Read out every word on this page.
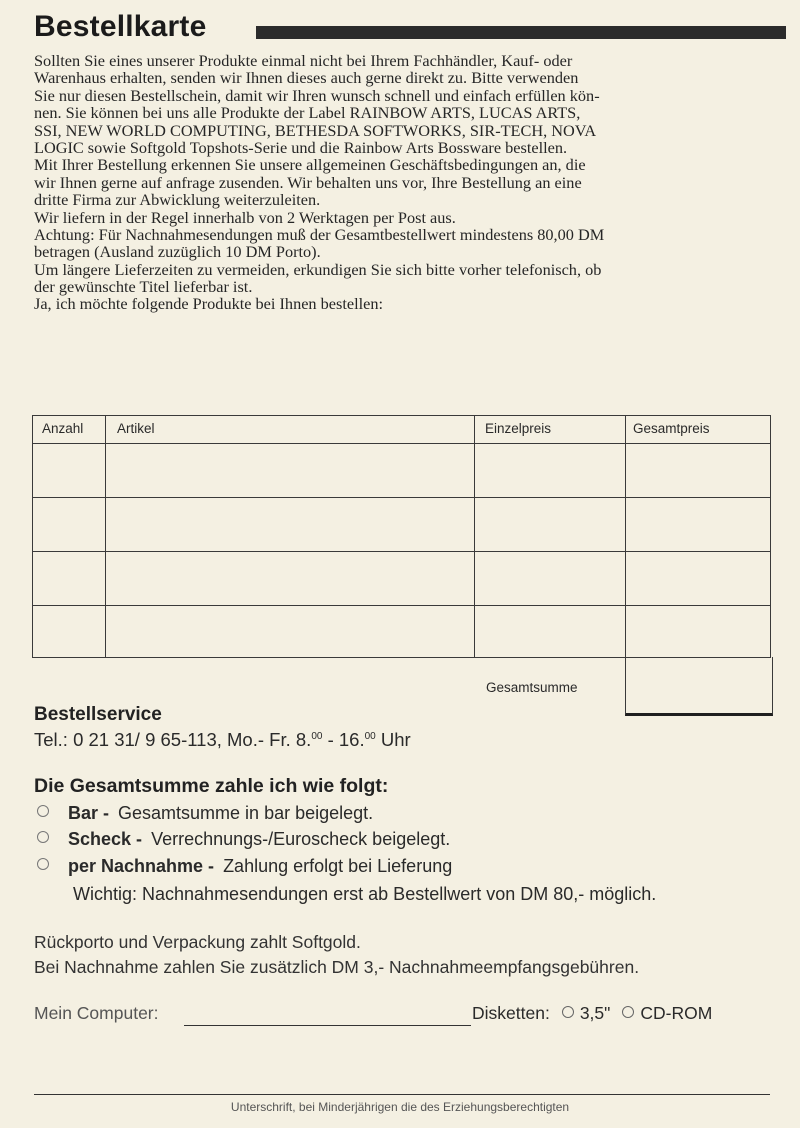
Bestellkarte
Sollten Sie eines unserer Produkte einmal nicht bei Ihrem Fachhändler, Kauf- oder
Warenhaus erhalten, senden wir Ihnen dieses auch gerne direkt zu. Bitte verwenden
Sie nur diesen Bestellschein, damit wir Ihren wunsch schnell und einfach erfüllen kön-
nen. Sie können bei uns alle Produkte der Label RAINBOW ARTS, LUCAS ARTS,
SSI, NEW WORLD COMPUTING, BETHESDA SOFTWORKS, SIR-TECH, NOVA
LOGIC sowie Softgold Topshots-Serie und die Rainbow Arts Bossware bestellen.
Mit Ihrer Bestellung erkennen Sie unsere allgemeinen Geschäftsbedingungen an, die
wir Ihnen gerne auf anfrage zusenden. Wir behalten uns vor, Ihre Bestellung an eine
dritte Firma zur Abwicklung weiterzuleiten.
Wir liefern in der Regel innerhalb von 2 Werktagen per Post aus.
Achtung: Für Nachnahmesendungen muß der Gesamtbestellwert mindestens 80,00 DM
betragen (Ausland zuzüglich 10 DM Porto).
Um längere Lieferzeiten zu vermeiden, erkundigen Sie sich bitte vorher telefonisch, ob
der gewünschte Titel lieferbar ist.
Ja, ich möchte folgende Produkte bei Ihnen bestellen:
Anzahl Artikel	Einzelpreis	Gesamtpreis
Gesamtsumme
Bestellservice
Tel.: 0 21 31/ 9 65-113, Mo.- Fr. 8.00 - 16.00 Uhr
Die Gesamtsumme zahle ich wie folgt:
Bar - Gesamtsumme in bar beigelegt.
Scheck - Verrechnungs-/Euroscheck beigelegt.
per Nachnahme - Zahlung erfolgt bei Lieferung
Wichtig: Nachnahmesendungen erst ab Bestellwert von DM 80,- möglich.
Rückporto und Verpackung zahlt Softgold.
Bei Nachnahme zahlen Sie zusätzlich DM 3,- Nachnahmeempfangsgebühren.
Mein Computer:	Disketten: 3,5" CD-ROM
Unterschrift, bei Minderjährigen die des Erziehungsberechtigten
